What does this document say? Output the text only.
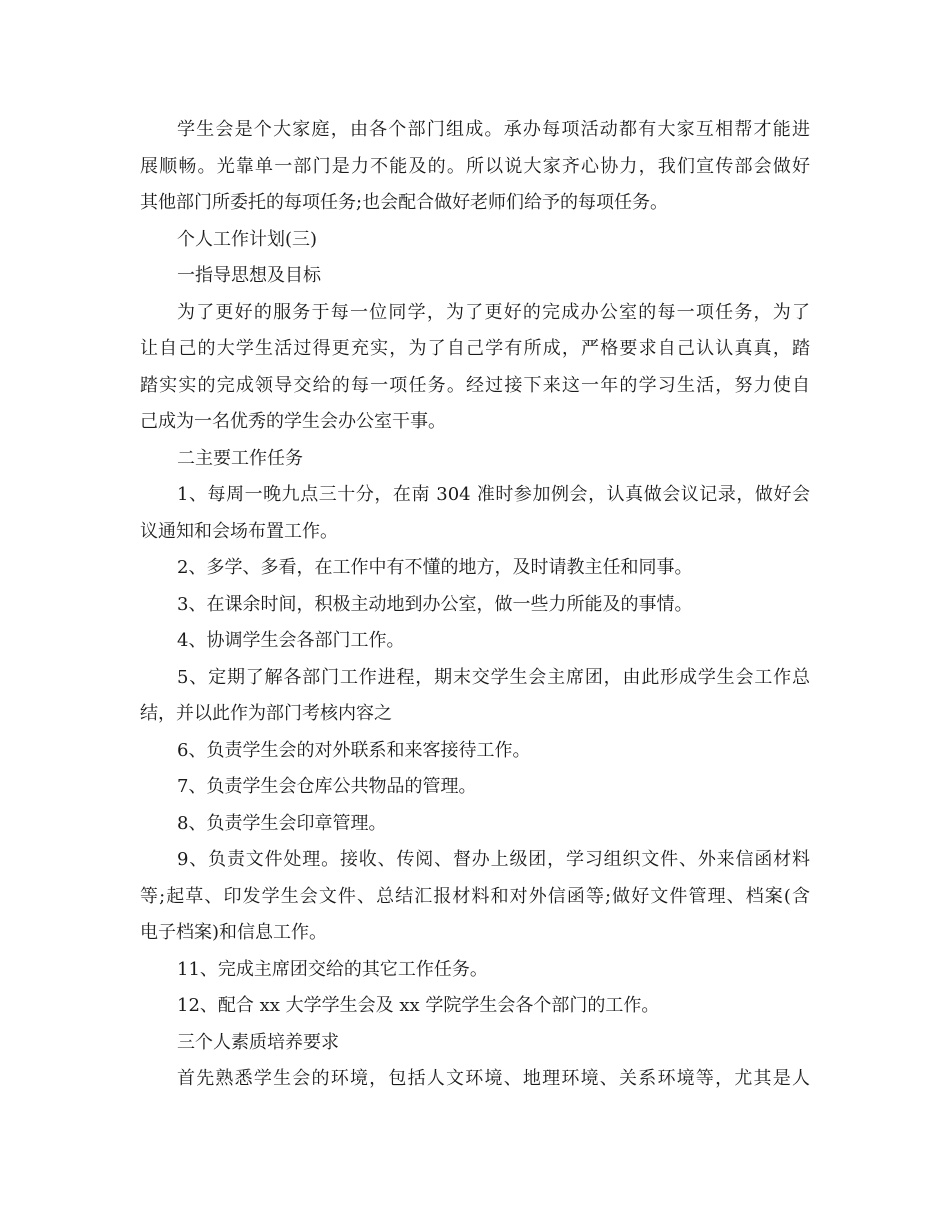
学生会是个大家庭，由各个部门组成。承办每项活动都有大家互相帮才能进
展顺畅。光靠单一部门是力不能及的。所以说大家齐心协力，我们宣传部会做好
其他部门所委托的每项任务;也会配合做好老师们给予的每项任务。
个人工作计划(三)
一指导思想及目标
为了更好的服务于每一位同学，为了更好的完成办公室的每一项任务，为了
让自己的大学生活过得更充实，为了自己学有所成，严格要求自己认认真真，踏
踏实实的完成领导交给的每一项任务。经过接下来这一年的学习生活，努力使自
己成为一名优秀的学生会办公室干事。
二主要工作任务
1、每周一晚九点三十分，在南 304 准时参加例会，认真做会议记录，做好会
议通知和会场布置工作。
2、多学、多看，在工作中有不懂的地方，及时请教主任和同事。
3、在课余时间，积极主动地到办公室，做一些力所能及的事情。
4、协调学生会各部门工作。
5、定期了解各部门工作进程，期末交学生会主席团，由此形成学生会工作总
结，并以此作为部门考核内容之
6、负责学生会的对外联系和来客接待工作。
7、负责学生会仓库公共物品的管理。
8、负责学生会印章管理。
9、负责文件处理。接收、传阅、督办上级团，学习组织文件、外来信函材料
等;起草、印发学生会文件、总结汇报材料和对外信函等;做好文件管理、档案(含
电子档案)和信息工作。
11、完成主席团交给的其它工作任务。
12、配合 xx 大学学生会及 xx 学院学生会各个部门的工作。
三个人素质培养要求
首先熟悉学生会的环境，包括人文环境、地理环境、关系环境等，尤其是人
